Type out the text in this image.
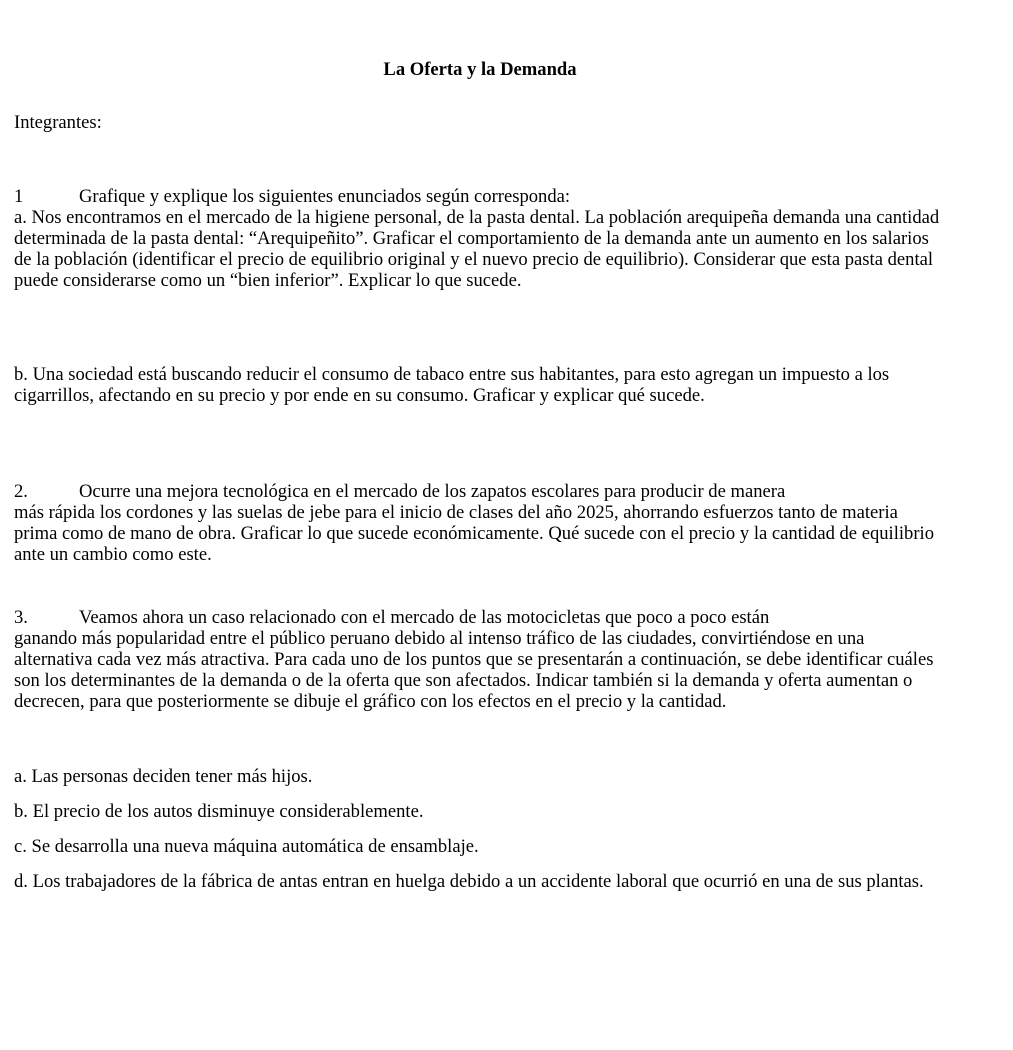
La Oferta y la Demanda

Integrantes:

1	Grafique y explique los siguientes enunciados según corresponda:

a. Nos encontramos en el mercado de la higiene personal, de la pasta dental. La población arequipeña demanda una cantidad determinada de la pasta dental: “Arequipeñito”. Graficar el comportamiento de la demanda ante un aumento en los salarios de la población (identificar el precio de equilibrio original y el nuevo precio de equilibrio). Considerar que esta pasta dental puede considerarse como un “bien inferior”. Explicar lo que sucede.

b. Una sociedad está buscando reducir el consumo de tabaco entre sus habitantes, para esto agregan un impuesto a los cigarrillos, afectando en su precio y por ende en su consumo. Graficar y explicar qué sucede.

2.	Ocurre una mejora tecnológica en el mercado de los zapatos escolares para producir de manera

más rápida los cordones y las suelas de jebe para el inicio de clases del año 2025, ahorrando esfuerzos tanto de materia prima como de mano de obra. Graficar lo que sucede económicamente. Qué sucede con el precio y la cantidad de equilibrio ante un cambio como este.

3.	Veamos ahora un caso relacionado con el mercado de las motocicletas que poco a poco están

ganando más popularidad entre el público peruano debido al intenso tráfico de las ciudades, convirtiéndose en una alternativa cada vez más atractiva. Para cada uno de los puntos que se presentarán a continuación, se debe identificar cuáles son los determinantes de la demanda o de la oferta que son afectados. Indicar también si la demanda y oferta aumentan o decrecen, para que posteriormente se dibuje el gráfico con los efectos en el precio y la cantidad.

a. Las personas deciden tener más hijos.

b. El precio de los autos disminuye considerablemente.

c. Se desarrolla una nueva máquina automática de ensamblaje.

d. Los trabajadores de la fábrica de antas entran en huelga debido a un accidente laboral que ocurrió en una de sus plantas.
